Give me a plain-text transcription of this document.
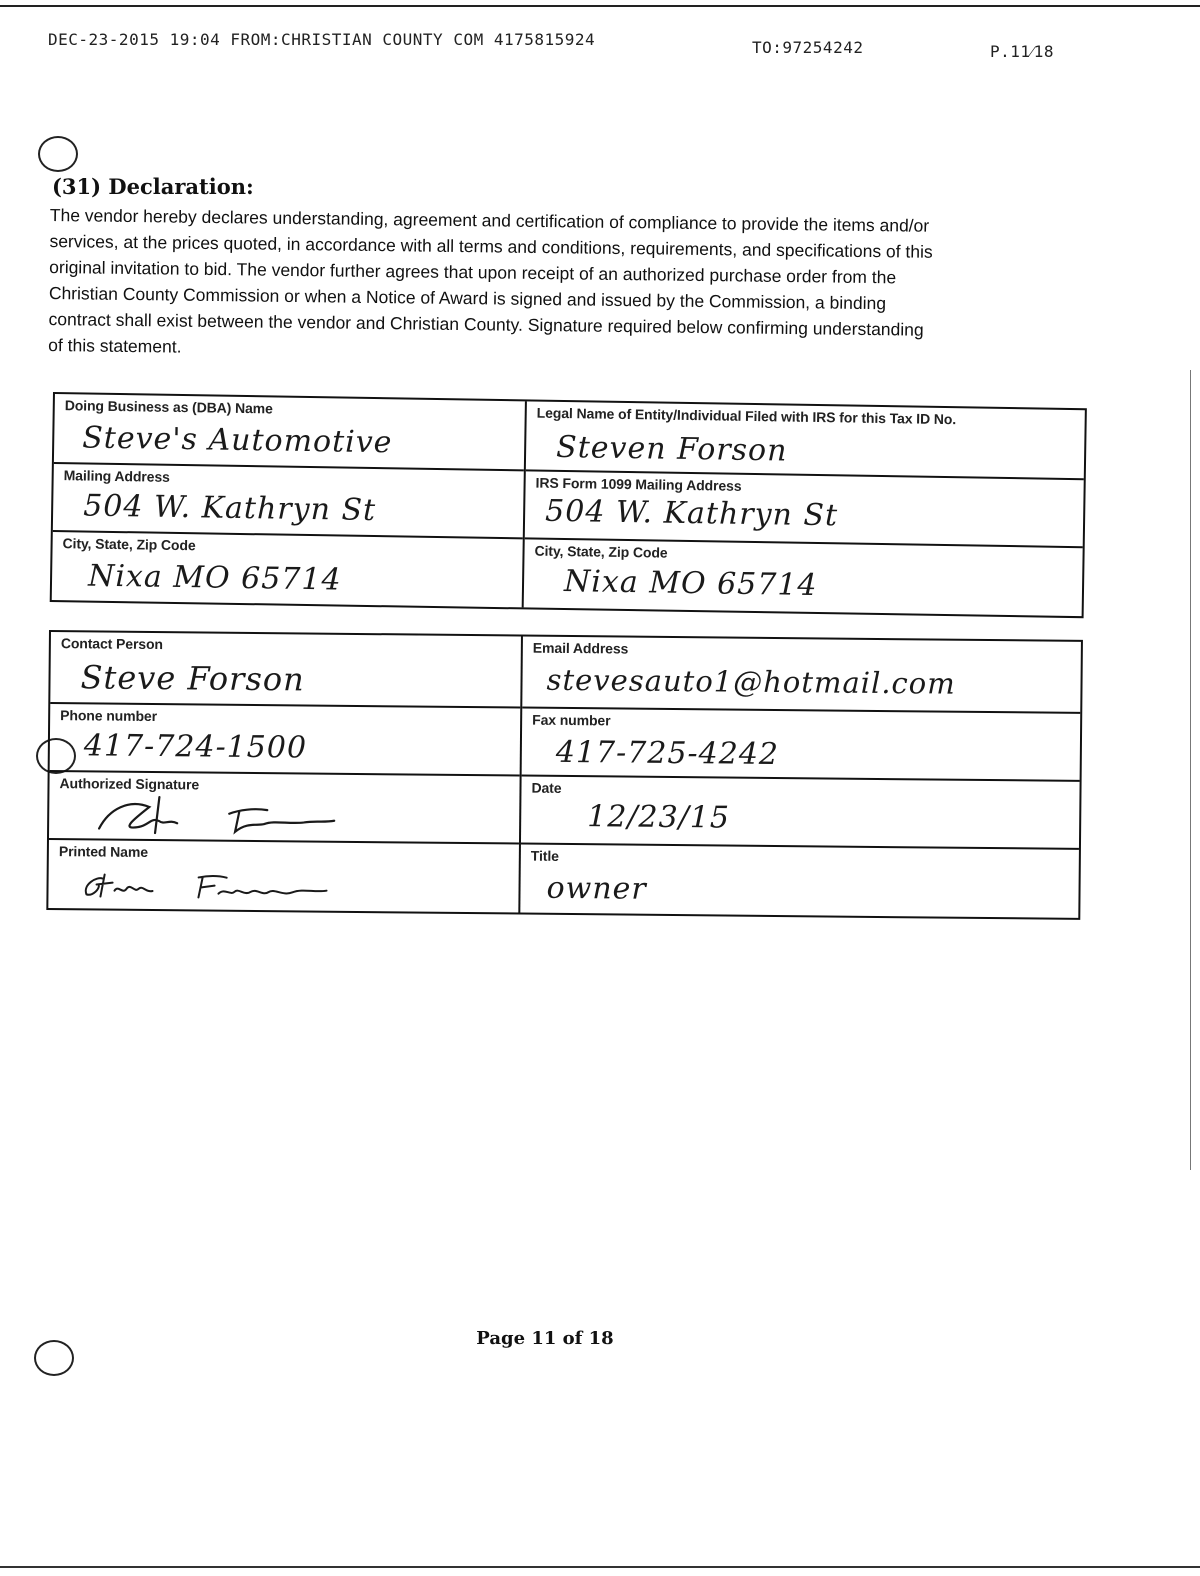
DEC-23-2015 19:04 FROM:CHRISTIAN COUNTY COM 4175815924	TO:97254242	P.11⁄18
(31) Declaration:
The vendor hereby declares understanding, agreement and certification of compliance to provide the items and/or
services, at the prices quoted, in accordance with all terms and conditions, requirements, and specifications of this
original invitation to bid. The vendor further agrees that upon receipt of an authorized purchase order from the
Christian County Commission or when a Notice of Award is signed and issued by the Commission, a binding
contract shall exist between the vendor and Christian County. Signature required below confirming understanding
of this statement.
Doing Business as (DBA) Name
Steve's Automotive
Mailing Address
504 W. Kathryn St
City, State, Zip Code
Nixa MO 65714
Legal Name of Entity/Individual Filed with IRS for this Tax ID No.
Steven Forson
IRS Form 1099 Mailing Address
504 W. Kathryn St
City, State, Zip Code
Nixa MO 65714
Contact Person
Steve Forson
Phone number
417-724-1500
Authorized Signature
Printed Name
Email Address
stevesauto1@hotmail.com
Fax number
417-725-4242
Date
12/23/15
Title
owner
Page 11 of 18
